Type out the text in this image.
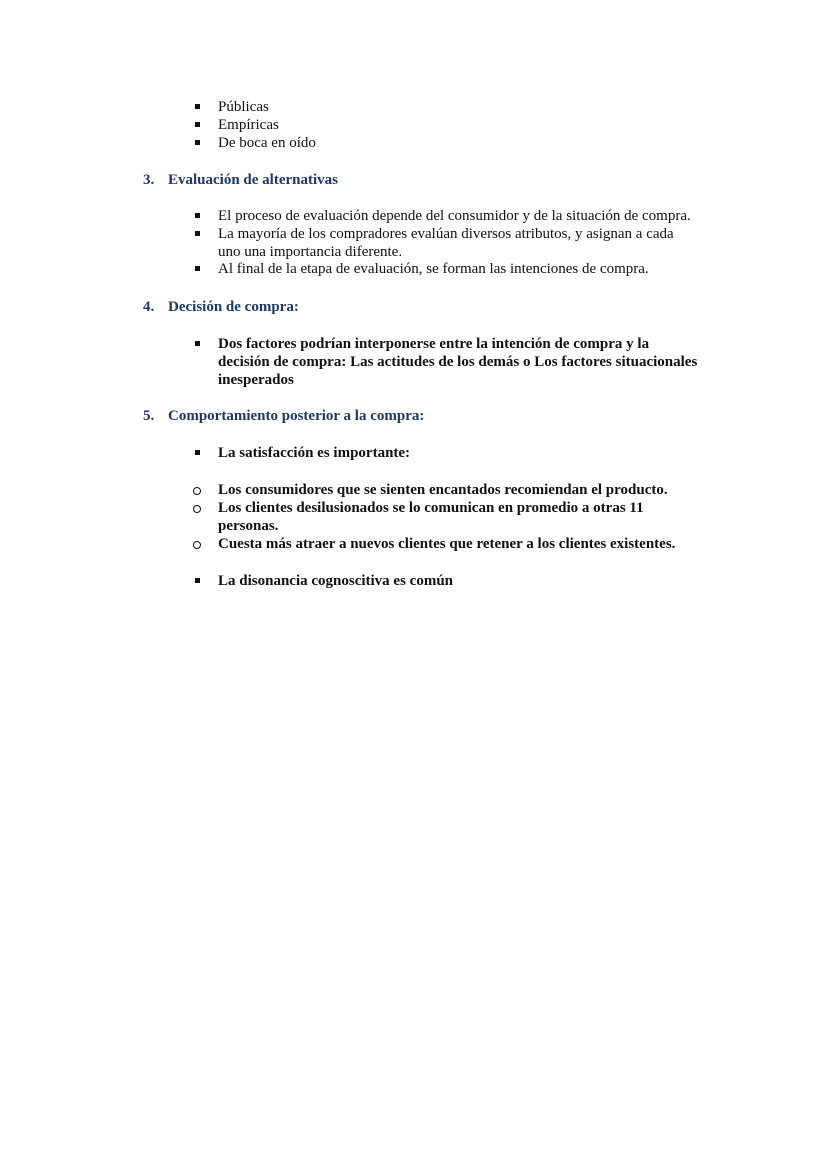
Públicas
Empíricas
De boca en oído
3. Evaluación de alternativas
El proceso de evaluación depende del consumidor y de la situación de compra.
La mayoría de los compradores evalúan diversos atributos, y asignan a cada
uno una importancia diferente.
Al final de la etapa de evaluación, se forman las intenciones de compra.
4. Decisión de compra:
Dos factores podrían interponerse entre la intención de compra y la
decisión de compra: Las actitudes de los demás o Los factores situacionales
inesperados
5. Comportamiento posterior a la compra:
La satisfacción es importante:
Los consumidores que se sienten encantados recomiendan el producto.
Los clientes desilusionados se lo comunican en promedio a otras 11
personas.
Cuesta más atraer a nuevos clientes que retener a los clientes existentes.
La disonancia cognoscitiva es común
